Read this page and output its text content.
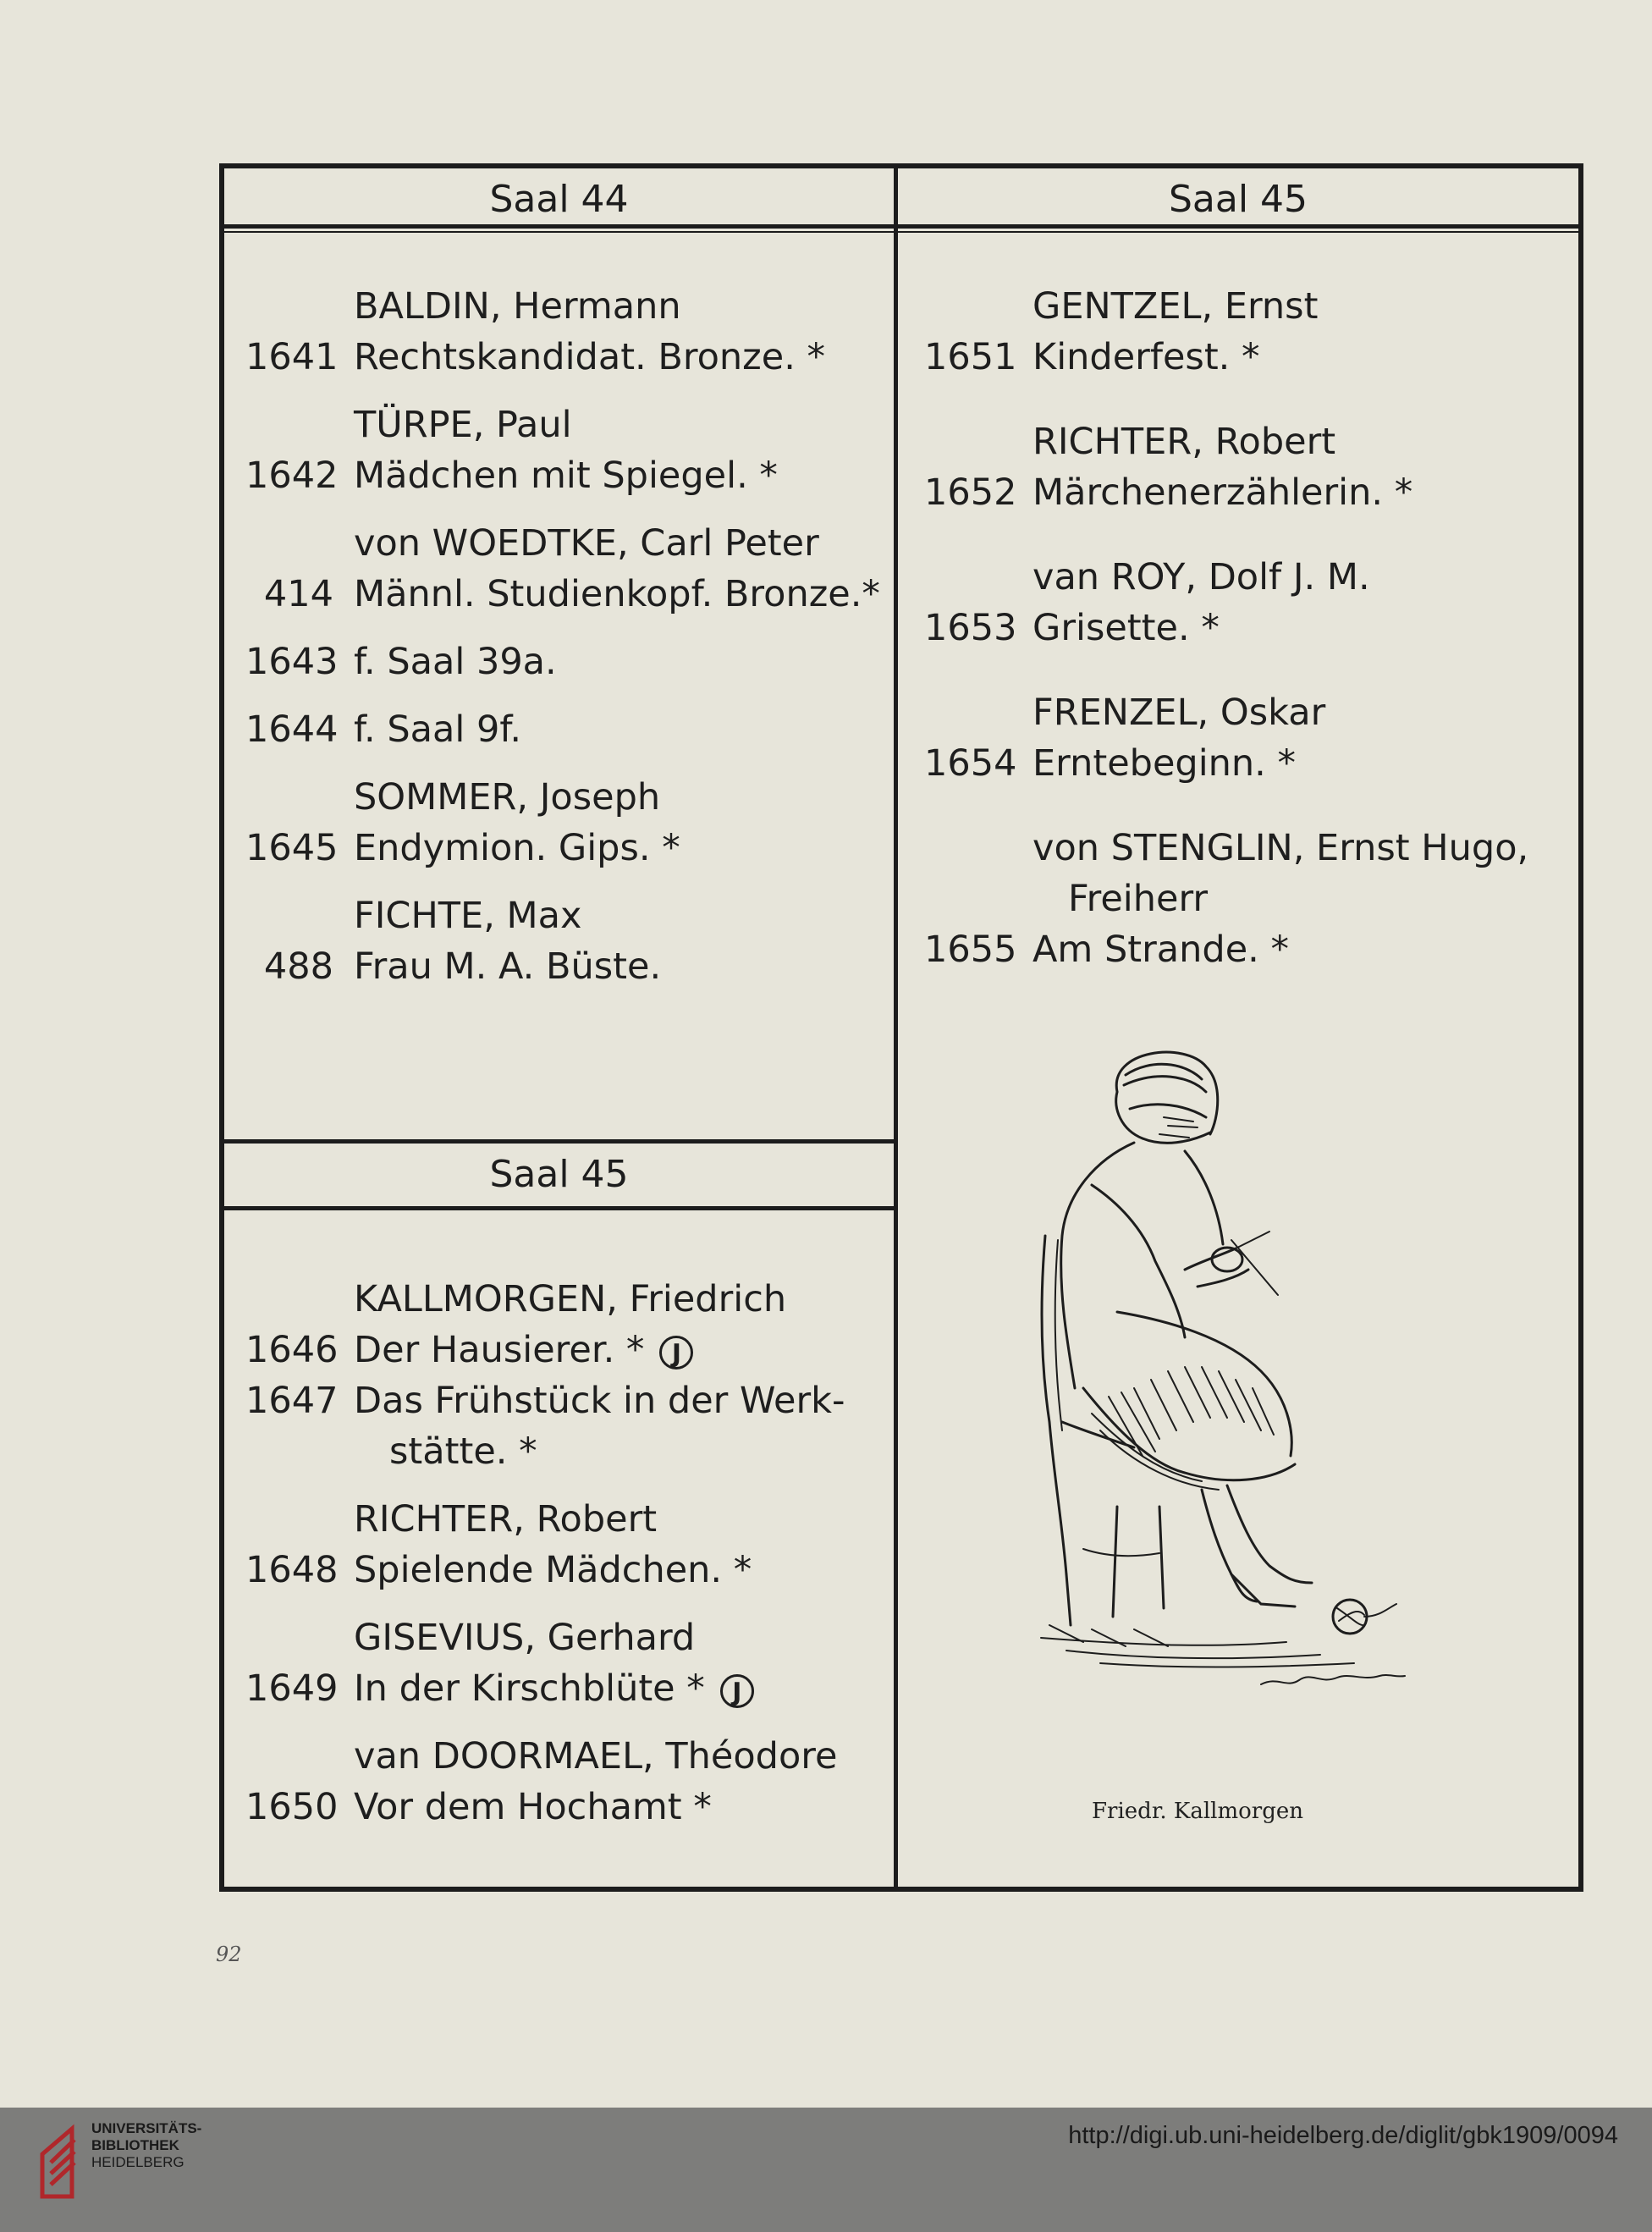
Saal 44	Saal 45
Saal 45
BALDIN, Hermann
1641 Rechtskandidat. Bronze. *
TÜRPE, Paul
1642 Mädchen mit Spiegel. *
von WOEDTKE, Carl Peter
414 Männl. Studienkopf. Bronze.*
1643 f. Saal 39a.
1644 f. Saal 9f.
SOMMER, Joseph
1645 Endymion. Gips. *
FICHTE, Max
488 Frau M. A. Büste.
KALLMORGEN, Friedrich
1646 Der Hausierer. * J
1647 Das Frühstück in der Werk-
stätte. *
RICHTER, Robert
1648 Spielende Mädchen. *
GISEVIUS, Gerhard
1649 In der Kirschblüte * J
van DOORMAEL, Théodore
1650 Vor dem Hochamt *
GENTZEL, Ernst
1651 Kinderfest. *
RICHTER, Robert
1652 Märchenerzählerin. *
van ROY, Dolf J. M.
1653 Grisette. *
FRENZEL, Oskar
1654 Erntebeginn. *
von STENGLIN, Ernst Hugo,
Freiherr
1655 Am Strande. *
Friedr. Kallmorgen
92
UNIVERSITÄTS-
BIBLIOTHEK
HEIDELBERG
http://digi.ub.uni-heidelberg.de/diglit/gbk1909/0094
